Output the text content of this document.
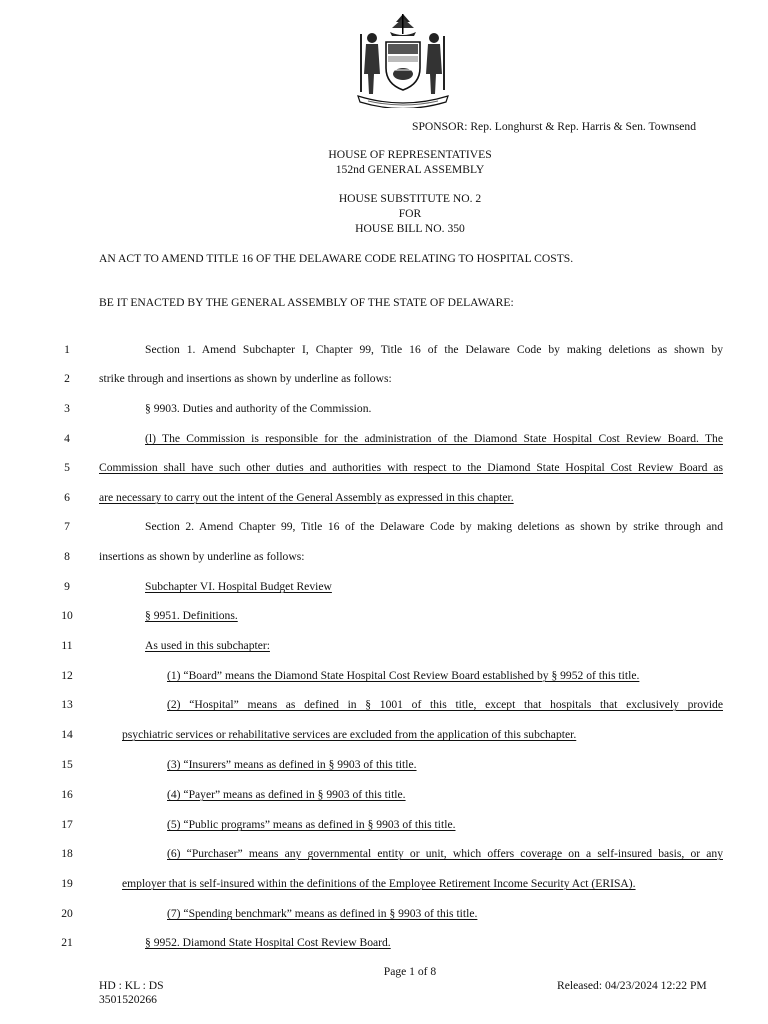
SPONSOR: Rep. Longhurst & Rep. Harris & Sen. Townsend
HOUSE OF REPRESENTATIVES
152nd GENERAL ASSEMBLY
HOUSE SUBSTITUTE NO. 2
FOR
HOUSE BILL NO. 350
AN ACT TO AMEND TITLE 16 OF THE DELAWARE CODE RELATING TO HOSPITAL COSTS.
BE IT ENACTED BY THE GENERAL ASSEMBLY OF THE STATE OF DELAWARE:
1	Section 1. Amend Subchapter I, Chapter 99, Title 16 of the Delaware Code by making deletions as shown by
2	strike through and insertions as shown by underline as follows:
3	§ 9903. Duties and authority of the Commission.
4	(l) The Commission is responsible for the administration of the Diamond State Hospital Cost Review Board. The
5	Commission shall have such other duties and authorities with respect to the Diamond State Hospital Cost Review Board as
6	are necessary to carry out the intent of the General Assembly as expressed in this chapter.
7	Section 2. Amend Chapter 99, Title 16 of the Delaware Code by making deletions as shown by strike through and
8	insertions as shown by underline as follows:
9	Subchapter VI. Hospital Budget Review
10	§ 9951. Definitions.
11	As used in this subchapter:
12	(1) “Board” means the Diamond State Hospital Cost Review Board established by § 9952 of this title.
13	(2) “Hospital” means as defined in § 1001 of this title, except that hospitals that exclusively provide
14	psychiatric services or rehabilitative services are excluded from the application of this subchapter.
15	(3) “Insurers” means as defined in § 9903 of this title.
16	(4) “Payer” means as defined in § 9903 of this title.
17	(5) “Public programs” means as defined in § 9903 of this title.
18	(6) “Purchaser” means any governmental entity or unit, which offers coverage on a self-insured basis, or any
19	employer that is self-insured within the definitions of the Employee Retirement Income Security Act (ERISA).
20	(7) “Spending benchmark” means as defined in § 9903 of this title.
21	§ 9952. Diamond State Hospital Cost Review Board.
Page 1 of 8
HD : KL : DS
3501520266
Released: 04/23/2024 12:22 PM
